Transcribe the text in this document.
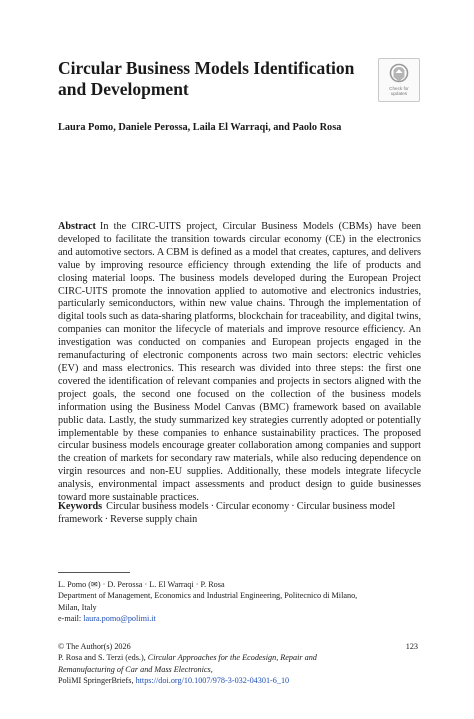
Circular Business Models Identification
and Development	Check for
updates
Laura Pomo, Daniele Perossa, Laila El Warraqi, and Paolo Rosa

Abstract In the CIRC-UITS project, Circular Business Models (CBMs) have been developed to facilitate the transition towards circular economy (CE) in the electronics and automotive sectors. A CBM is defined as a model that creates, captures, and delivers value by improving resource efficiency through extending the life of products and closing material loops. The business models developed during the European Project CIRC-UITS promote the innovation applied to automotive and electronics industries, particularly semiconductors, within new value chains. Through the implementation of digital tools such as data-sharing platforms, blockchain for traceability, and digital twins, companies can monitor the lifecycle of materials and improve resource efficiency. An investigation was conducted on companies and European projects engaged in the remanufacturing of electronic components across two main sectors: electric vehicles (EV) and mass electronics. This research was divided into three steps: the first one covered the identification of relevant companies and projects in sectors aligned with the project goals, the second one focused on the collection of the business models information using the Business Model Canvas (BMC) framework based on available public data. Lastly, the study summarized key strategies currently adopted or potentially implementable by these companies to enhance sustainability practices. The proposed circular business models encourage greater collaboration among companies and support the creation of markets for secondary raw materials, while also reducing dependence on virgin resources and non-EU supplies. Additionally, these models integrate lifecycle analysis, environmental impact assessments and product design to guide businesses toward more sustainable practices.

Keywords Circular business models · Circular economy · Circular business model framework · Reverse supply chain

L. Pomo (✉) · D. Perossa · L. El Warraqi · P. Rosa
Department of Management, Economics and Industrial Engineering, Politecnico di Milano,
Milan, Italy
e-mail: laura.pomo@polimi.it
© The Author(s) 2026
P. Rosa and S. Terzi (eds.), Circular Approaches for the Ecodesign, Repair and
Remanufacturing of Car and Mass Electronics,
PoliMI SpringerBriefs, https://doi.org/10.1007/978-3-032-04301-6_10
123
